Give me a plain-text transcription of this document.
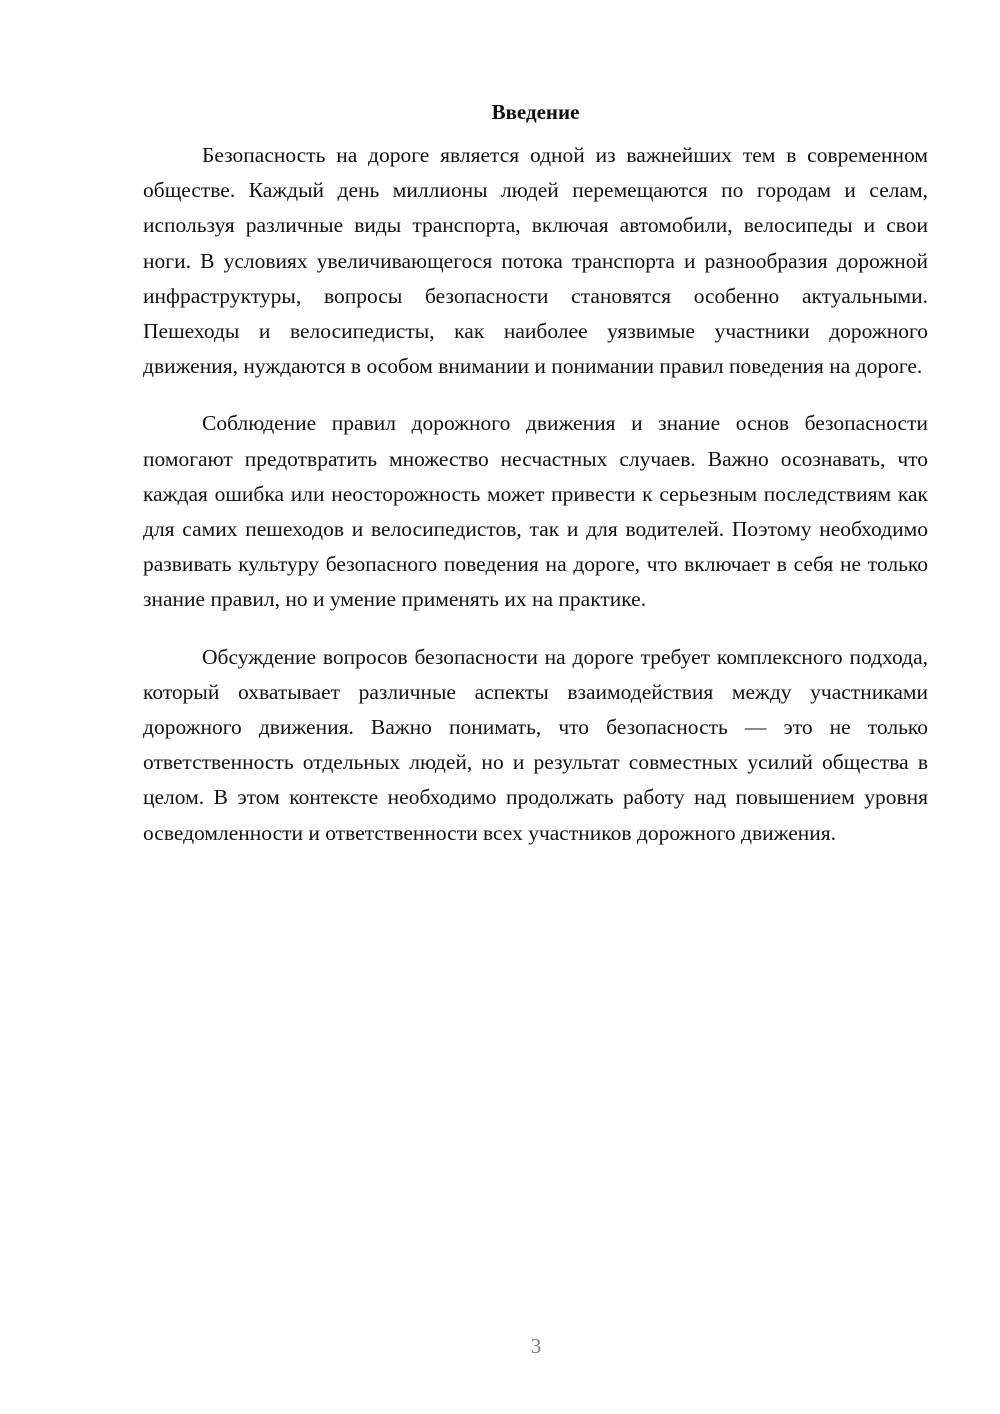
Введение

Безопасность на дороге является одной из важнейших тем в современном обществе. Каждый день миллионы людей перемещаются по городам и селам, используя различные виды транспорта, включая автомобили, велосипеды и свои ноги. В условиях увеличивающегося потока транспорта и разнообразия дорожной инфраструктуры, вопросы безопасности становятся особенно актуальными. Пешеходы и велосипедисты, как наиболее уязвимые участники дорожного движения, нуждаются в особом внимании и понимании правил поведения на дороге.

Соблюдение правил дорожного движения и знание основ безопасности помогают предотвратить множество несчастных случаев. Важно осознавать, что каждая ошибка или неосторожность может привести к серьезным последствиям как для самих пешеходов и велосипедистов, так и для водителей. Поэтому необходимо развивать культуру безопасного поведения на дороге, что включает в себя не только знание правил, но и умение применять их на практике.

Обсуждение вопросов безопасности на дороге требует комплексного подхода, который охватывает различные аспекты взаимодействия между участниками дорожного движения. Важно понимать, что безопасность — это не только ответственность отдельных людей, но и результат совместных усилий общества в целом. В этом контексте необходимо продолжать работу над повышением уровня осведомленности и ответственности всех участников дорожного движения.

3
